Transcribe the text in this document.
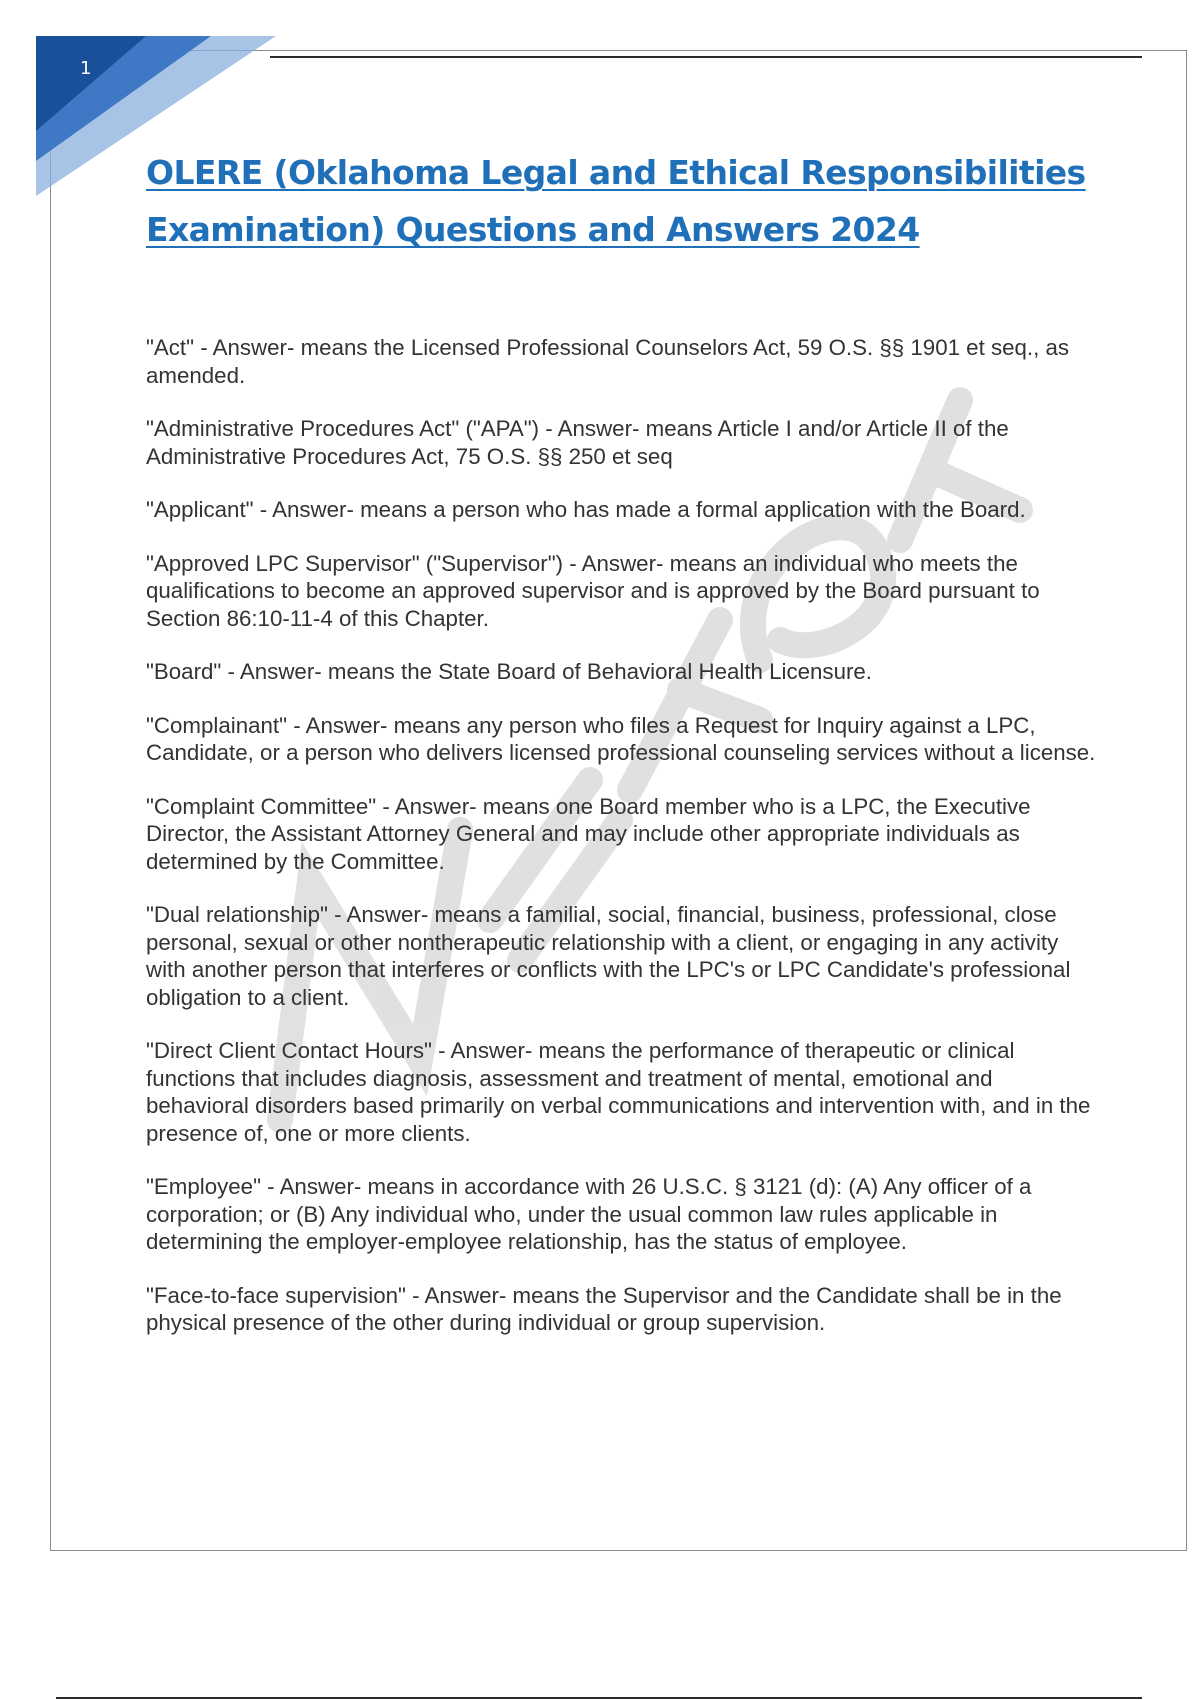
1
OLERE (Oklahoma Legal and Ethical Responsibilities
Examination) Questions and Answers 2024

"Act" - Answer- means the Licensed Professional Counselors Act, 59 O.S. §§ 1901 et seq., as amended.

"Administrative Procedures Act" ("APA") - Answer- means Article I and/or Article II of the Administrative Procedures Act, 75 O.S. §§ 250 et seq

"Applicant" - Answer- means a person who has made a formal application with the Board.

"Approved LPC Supervisor" ("Supervisor") - Answer- means an individual who meets the qualifications to become an approved supervisor and is approved by the Board pursuant to Section 86:10-11-4 of this Chapter.

"Board" - Answer- means the State Board of Behavioral Health Licensure.

"Complainant" - Answer- means any person who files a Request for Inquiry against a LPC, Candidate, or a person who delivers licensed professional counseling services without a license.

"Complaint Committee" - Answer- means one Board member who is a LPC, the Executive Director, the Assistant Attorney General and may include other appropriate individuals as determined by the Committee.

"Dual relationship" - Answer- means a familial, social, financial, business, professional, close personal, sexual or other nontherapeutic relationship with a client, or engaging in any activity with another person that interferes or conflicts with the LPC's or LPC Candidate's professional obligation to a client.

"Direct Client Contact Hours" - Answer- means the performance of therapeutic or clinical functions that includes diagnosis, assessment and treatment of mental, emotional and behavioral disorders based primarily on verbal communications and intervention with, and in the presence of, one or more clients.

"Employee" - Answer- means in accordance with 26 U.S.C. § 3121 (d): (A) Any officer of a corporation; or (B) Any individual who, under the usual common law rules applicable in determining the employer-employee relationship, has the status of employee.

"Face-to-face supervision" - Answer- means the Supervisor and the Candidate shall be in the physical presence of the other during individual or group supervision.
